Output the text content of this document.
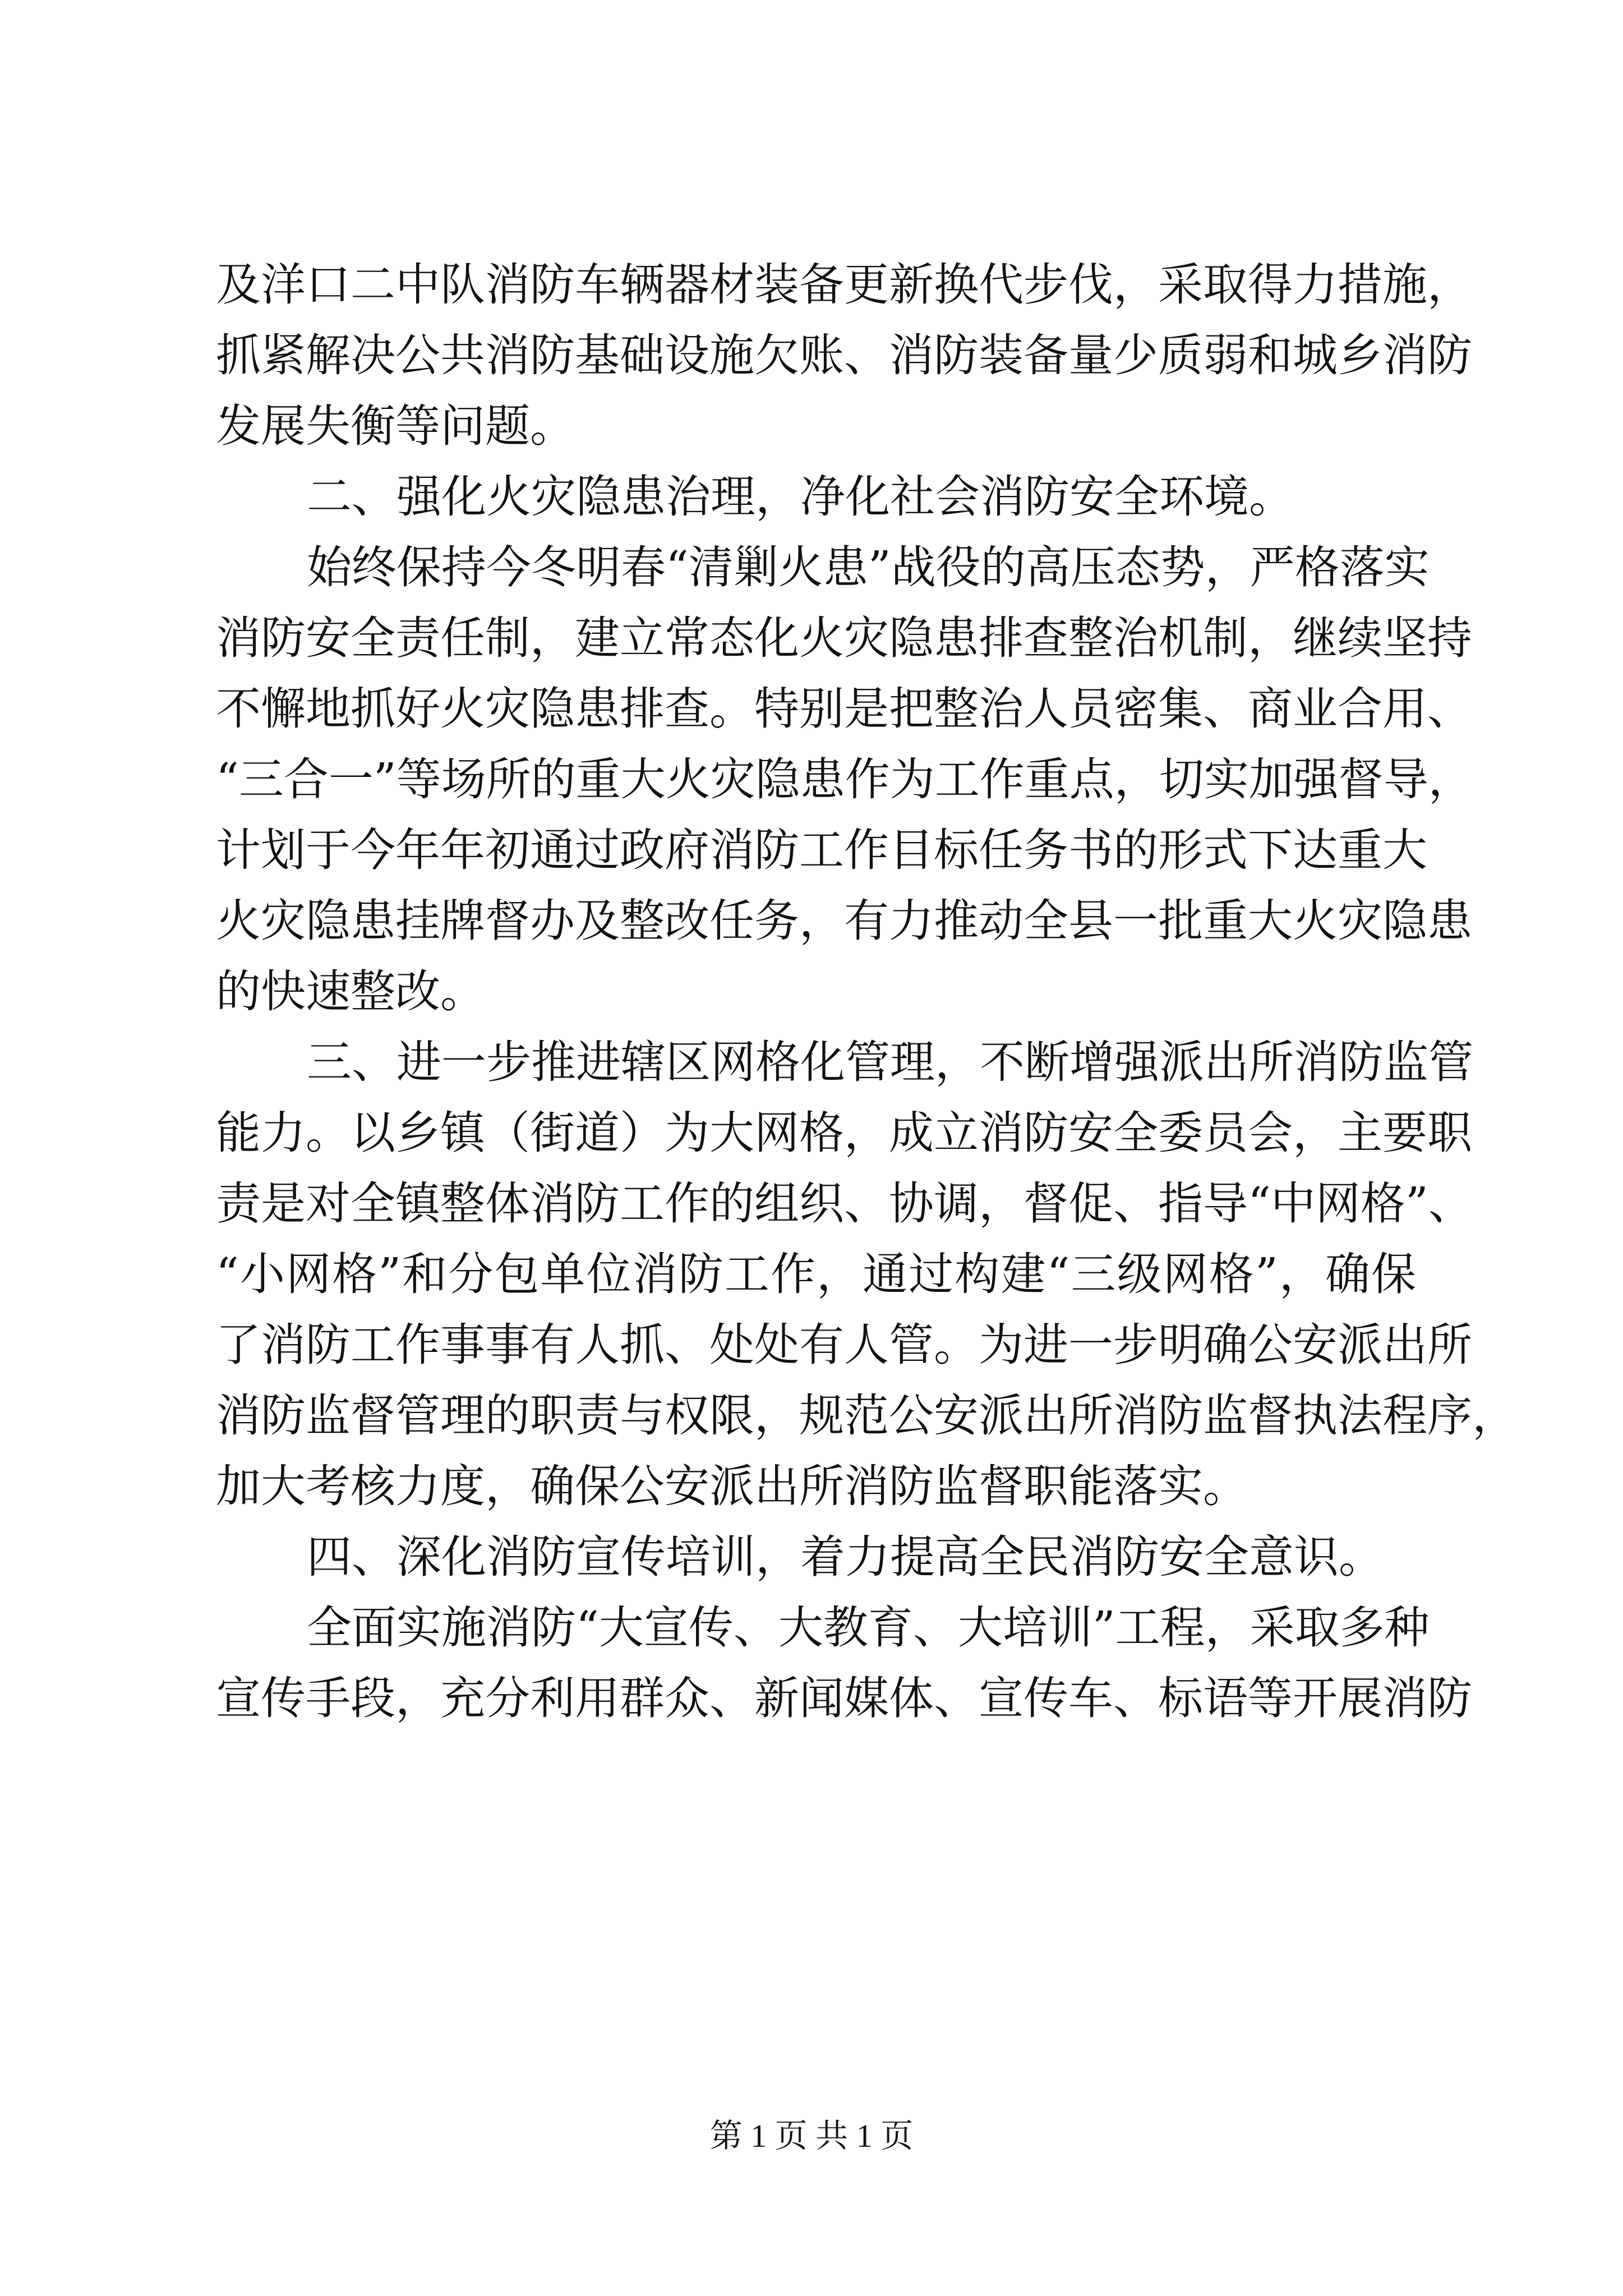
及洋口二中队消防车辆器材装备更新换代步伐，采取得力措施，
抓紧解决公共消防基础设施欠账、消防装备量少质弱和城乡消防
发展失衡等问题。
二、强化火灾隐患治理，净化社会消防安全环境。
始终保持今冬明春“清剿火患”战役的高压态势，严格落实
消防安全责任制，建立常态化火灾隐患排查整治机制，继续坚持
不懈地抓好火灾隐患排查。特别是把整治人员密集、商业合用、
“三合一”等场所的重大火灾隐患作为工作重点，切实加强督导，
计划于今年年初通过政府消防工作目标任务书的形式下达重大
火灾隐患挂牌督办及整改任务，有力推动全县一批重大火灾隐患
的快速整改。
三、进一步推进辖区网格化管理，不断增强派出所消防监管
能力。以乡镇（街道）为大网格，成立消防安全委员会，主要职
责是对全镇整体消防工作的组织、协调，督促、指导“中网格”、
“小网格”和分包单位消防工作，通过构建“三级网格”，确保
了消防工作事事有人抓、处处有人管。为进一步明确公安派出所
消防监督管理的职责与权限，规范公安派出所消防监督执法程序，
加大考核力度，确保公安派出所消防监督职能落实。
四、深化消防宣传培训，着力提高全民消防安全意识。
全面实施消防“大宣传、大教育、大培训”工程，采取多种
宣传手段，充分利用群众、新闻媒体、宣传车、标语等开展消防
第 1 页 共 1 页
